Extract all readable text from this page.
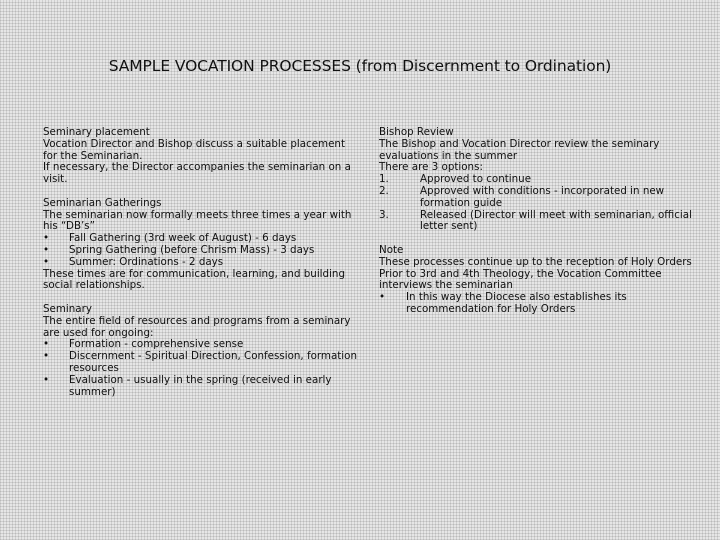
SAMPLE VOCATION PROCESSES (from Discernment to Ordination)
Seminary placement
Vocation Director and Bishop discuss a suitable placement for the Seminarian.
If necessary, the Director accompanies the seminarian on a visit.
Seminarian Gatherings
The seminarian now formally meets three times a year with his “DB’s”
• Fall Gathering (3rd week of August) - 6 days
• Spring Gathering (before Chrism Mass) - 3 days
• Summer: Ordinations - 2 days
These times are for communication, learning, and building social relationships.
Seminary
The entire field of resources and programs from a seminary are used for ongoing:
• Formation - comprehensive sense
• Discernment - Spiritual Direction, Confession, formation resources
• Evaluation - usually in the spring (received in early summer)
Bishop Review
The Bishop and Vocation Director review the seminary evaluations in the summer
There are 3 options:
1.	Approved to continue
2.	Approved with conditions - incorporated in new formation guide
3.	Released (Director will meet with seminarian, official letter sent)
Note
These processes continue up to the reception of Holy Orders
Prior to 3rd and 4th Theology, the Vocation Committee interviews the seminarian
• In this way the Diocese also establishes its recommendation for Holy Orders
